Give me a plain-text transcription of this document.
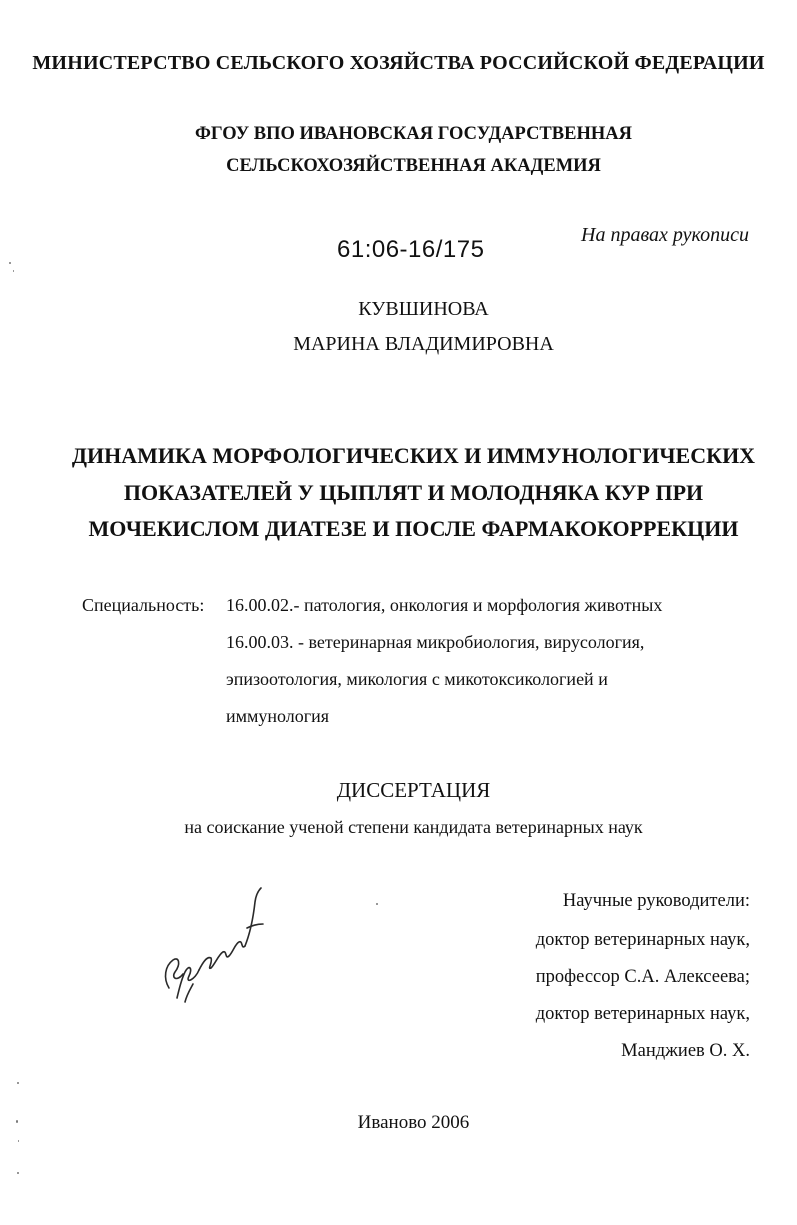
МИНИСТЕРСТВО СЕЛЬСКОГО ХОЗЯЙСТВА РОССИЙСКОЙ ФЕДЕРАЦИИ
ФГОУ ВПО ИВАНОВСКАЯ ГОСУДАРСТВЕННАЯ
СЕЛЬСКОХОЗЯЙСТВЕННАЯ АКАДЕМИЯ
61:06-16/175
На правах рукописи
КУВШИНОВА
МАРИНА ВЛАДИМИРОВНА
ДИНАМИКА МОРФОЛОГИЧЕСКИХ И ИММУНОЛОГИЧЕСКИХ
ПОКАЗАТЕЛЕЙ У ЦЫПЛЯТ И МОЛОДНЯКА КУР ПРИ
МОЧЕКИСЛОМ ДИАТЕЗЕ И ПОСЛЕ ФАРМАКОКОРРЕКЦИИ
Специальность: 16.00.02.- патология, онкология и морфология животных
16.00.03. - ветеринарная микробиология, вирусология,
эпизоотология, микология с микотоксикологией и
иммунология
ДИССЕРТАЦИЯ
на соискание ученой степени кандидата ветеринарных наук
Научные руководители:
доктор ветеринарных наук,
профессор С.А. Алексеева;
доктор ветеринарных наук,
Манджиев О. Х.
Иваново 2006
